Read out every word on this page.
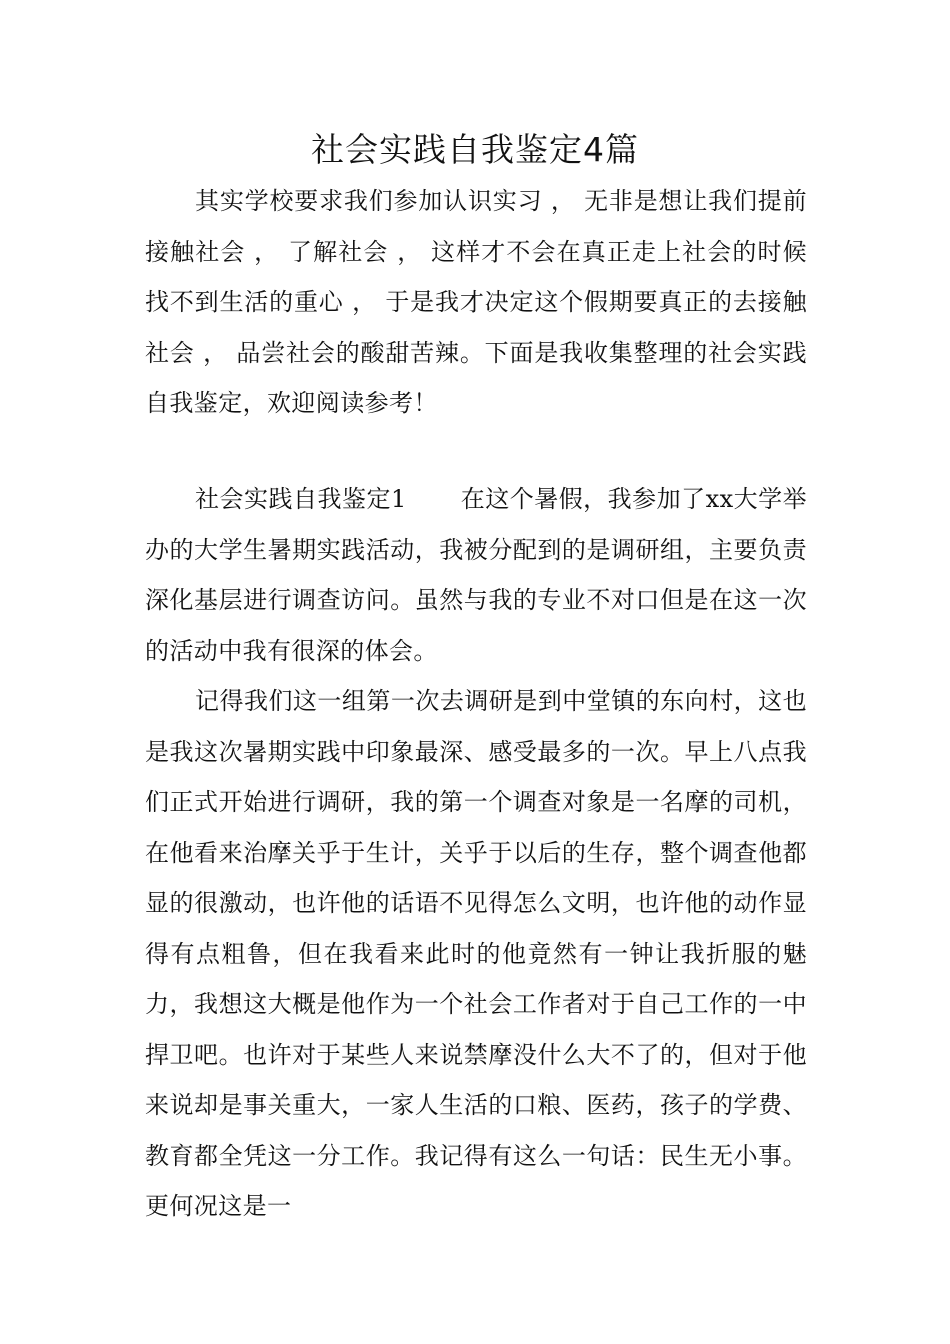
社会实践自我鉴定4篇

其实学校要求我们参加认识实习 ， 无非是想让我们提前接触社会 ， 了解社会 ， 这样才不会在真正走上社会的时候找不到生活的重心 ， 于是我才决定这个假期要真正的去接触社会 ， 品尝社会的酸甜苦辣。下面是我收集整理的社会实践自我鉴定，欢迎阅读参考！

社会实践自我鉴定1 在这个暑假，我参加了xx大学举办的大学生暑期实践活动，我被分配到的是调研组，主要负责深化基层进行调查访问。虽然与我的专业不对口但是在这一次的活动中我有很深的体会。

记得我们这一组第一次去调研是到中堂镇的东向村，这也是我这次暑期实践中印象最深、感受最多的一次。早上八点我们正式开始进行调研，我的第一个调查对象是一名摩的司机，在他看来治摩关乎于生计，关乎于以后的生存，整个调查他都显的很激动，也许他的话语不见得怎么文明，也许他的动作显得有点粗鲁，但在我看来此时的他竟然有一钟让我折服的魅力，我想这大概是他作为一个社会工作者对于自己工作的一中捍卫吧。也许对于某些人来说禁摩没什么大不了的，但对于他来说却是事关重大，一家人生活的口粮、医药，孩子的学费、教育都全凭这一分工作。我记得有这么一句话：民生无小事。更何况这是一
